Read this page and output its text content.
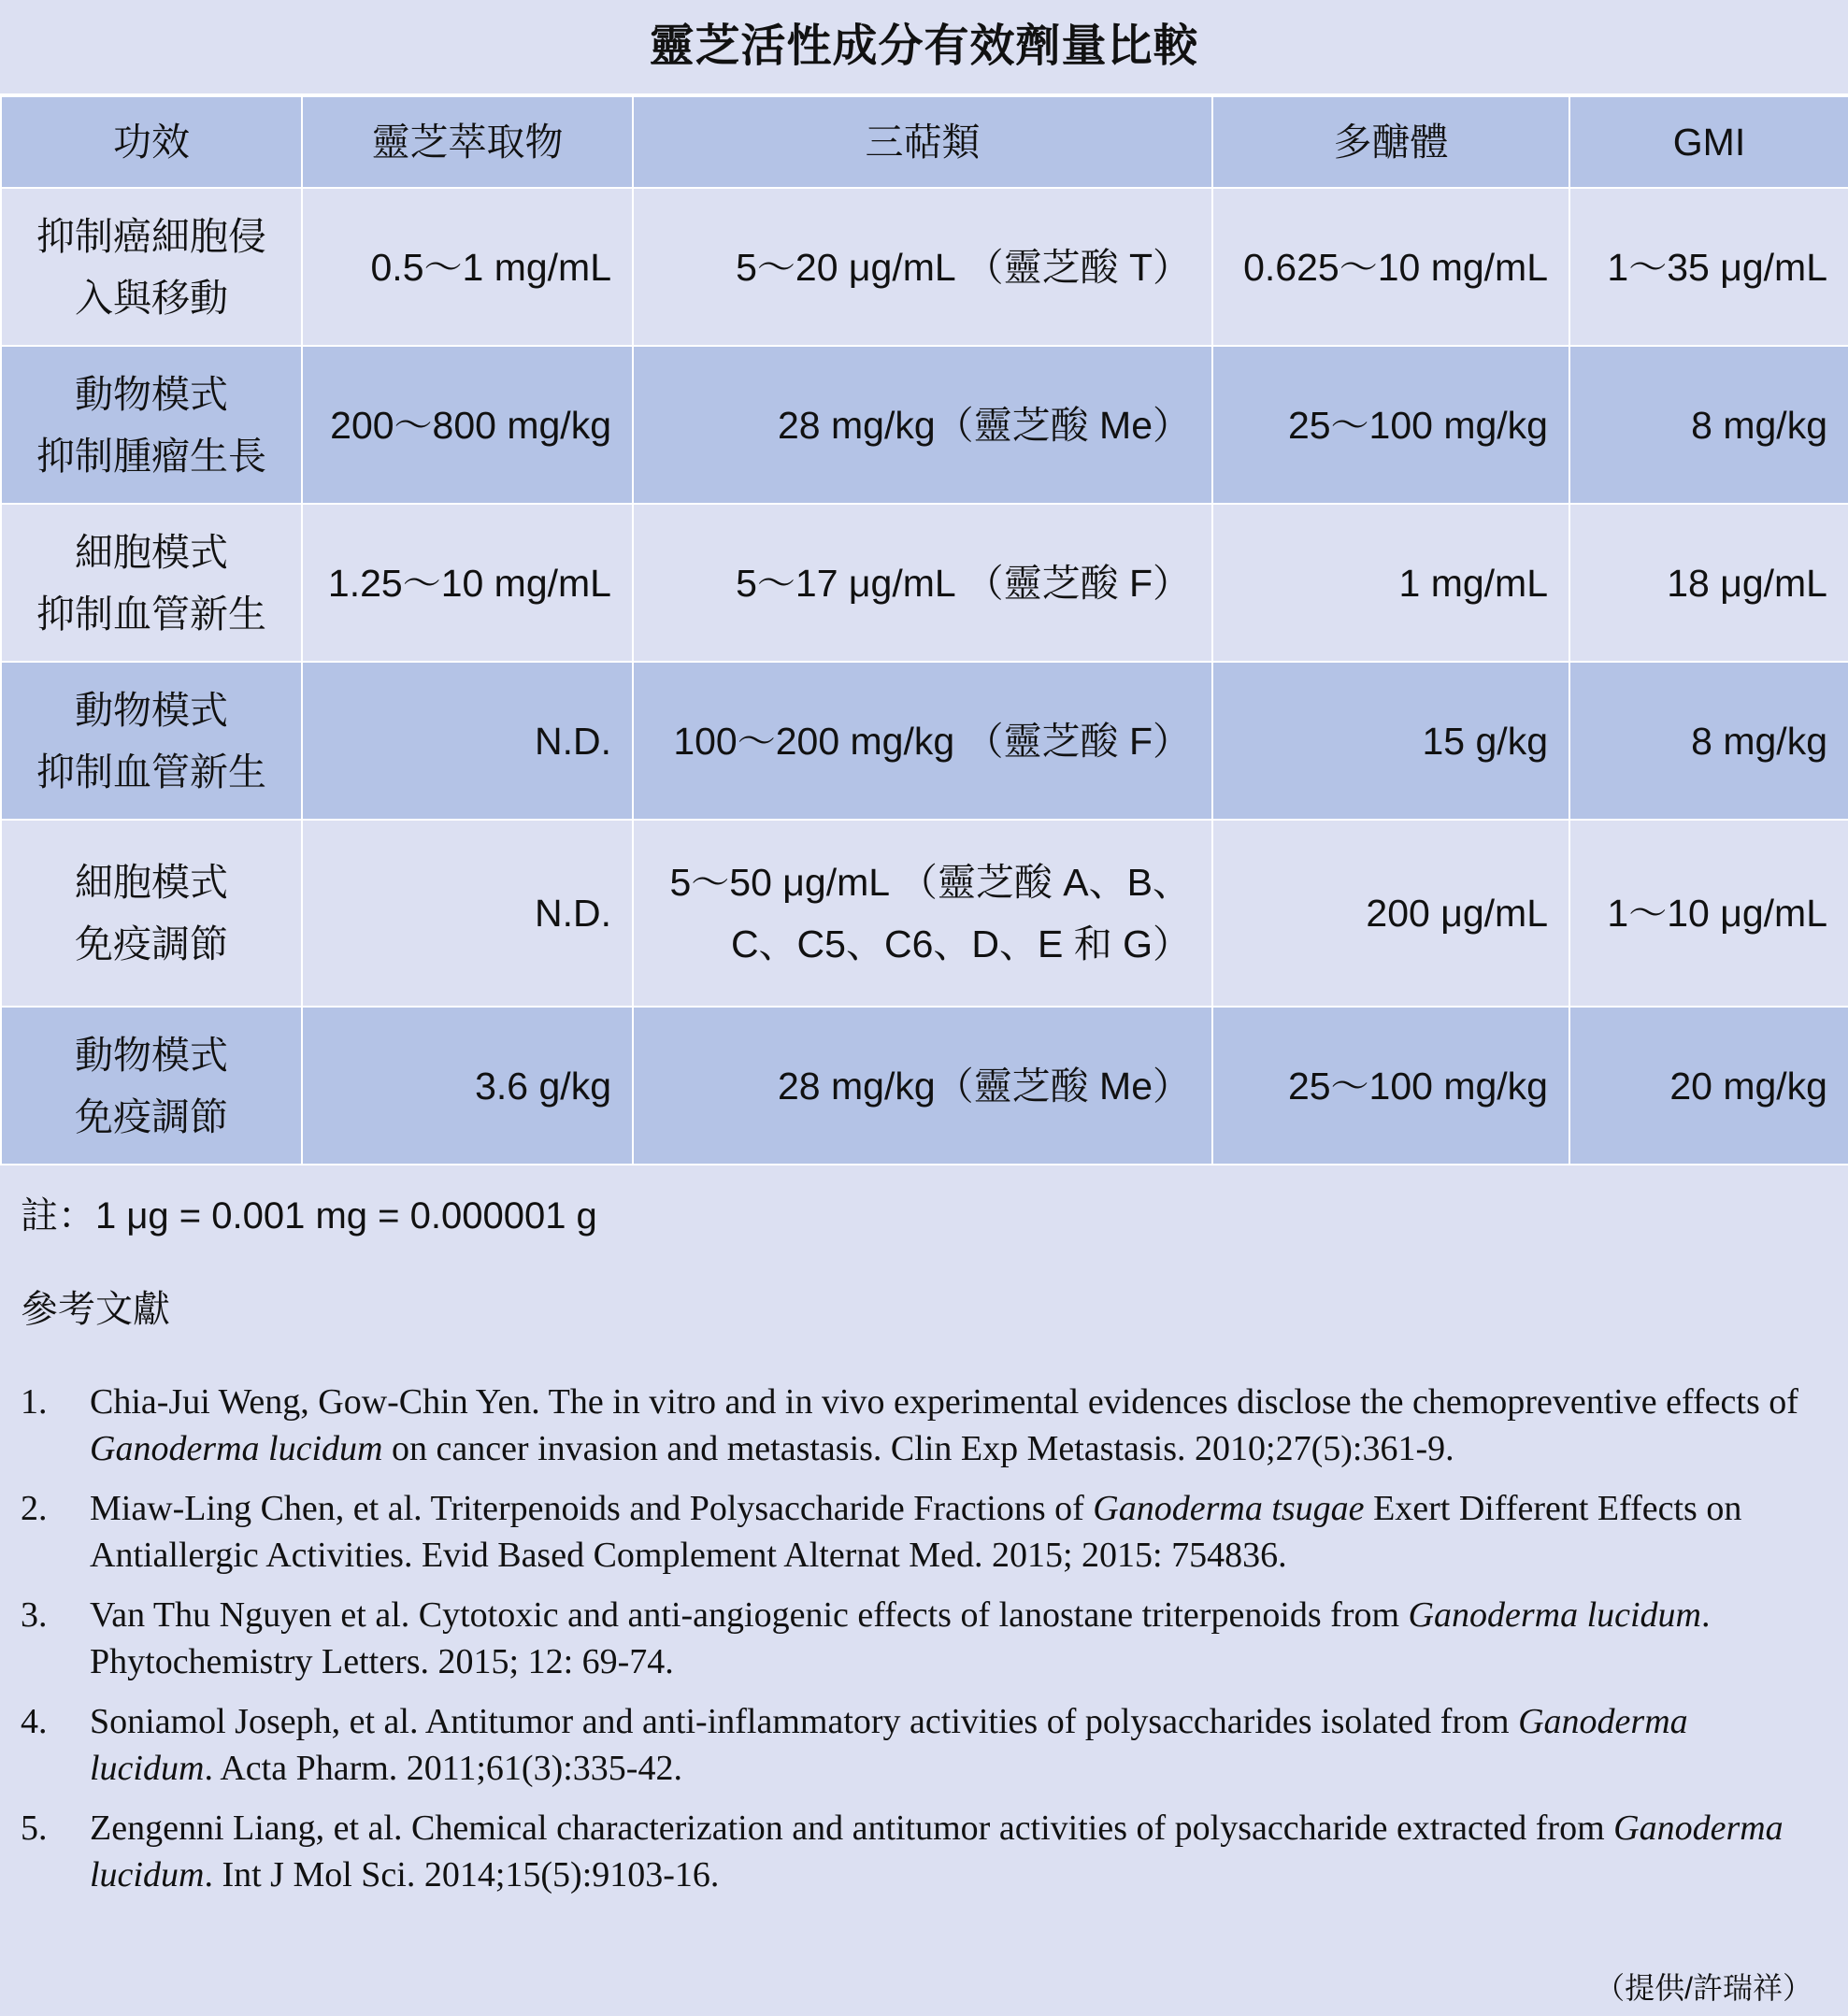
靈芝活性成分有效劑量比較
功效	靈芝萃取物	三萜類	多醣體	GMI

抑制癌細胞侵
入與移動	0.5～1 mg/mL	5～20 μg/mL （靈芝酸 T）	0.625～10 mg/mL	1～35 μg/mL

動物模式
抑制腫瘤生長	200～800 mg/kg	28 mg/kg（靈芝酸 Me）	25～100 mg/kg	8 mg/kg

細胞模式
抑制血管新生	1.25～10 mg/mL	5～17 μg/mL （靈芝酸 F）	1 mg/mL	18 μg/mL

動物模式
抑制血管新生	N.D.	100～200 mg/kg （靈芝酸 F）	15 g/kg	8 mg/kg

細胞模式
免疫調節	N.D.	5～50 μg/mL （靈芝酸 A、B、C、C5、C6、D、E 和 G）	200 μg/mL	1～10 μg/mL

動物模式
免疫調節	3.6 g/kg	28 mg/kg（靈芝酸 Me）	25～100 mg/kg	20 mg/kg
註：1 μg = 0.001 mg = 0.000001 g
參考文獻
1.	Chia-Jui Weng, Gow-Chin Yen. The in vitro and in vivo experimental evidences disclose the chemopreventive effects of Ganoderma lucidum on cancer invasion and metastasis. Clin Exp Metastasis. 2010;27(5):361-9.
2.	Miaw-Ling Chen, et al. Triterpenoids and Polysaccharide Fractions of Ganoderma tsugae Exert Different Effects on Antiallergic Activities. Evid Based Complement Alternat Med. 2015; 2015: 754836.
3.	Van Thu Nguyen et al. Cytotoxic and anti-angiogenic effects of lanostane triterpenoids from Ganoderma lucidum. Phytochemistry Letters. 2015; 12: 69-74.
4.	Soniamol Joseph, et al. Antitumor and anti-inflammatory activities of polysaccharides isolated from Ganoderma lucidum. Acta Pharm. 2011;61(3):335-42.
5.	Zengenni Liang, et al. Chemical characterization and antitumor activities of polysaccharide extracted from Ganoderma lucidum. Int J Mol Sci. 2014;15(5):9103-16.
（提供/許瑞祥）
